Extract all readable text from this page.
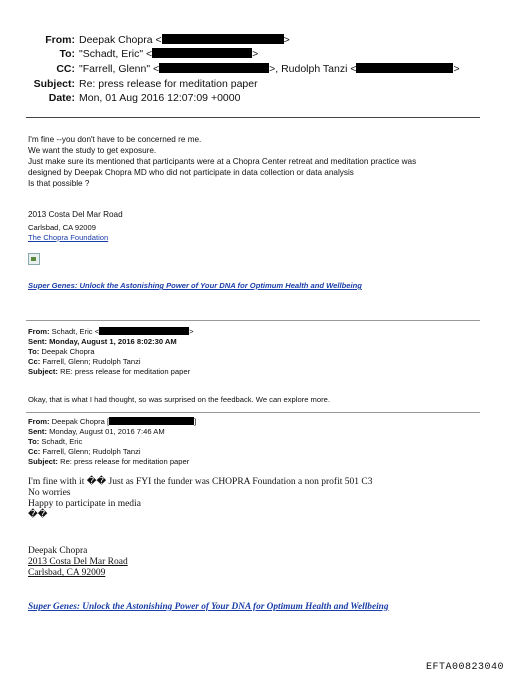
From: Deepak Chopra <	>
To: "Schadt, Eric" <	>
CC: "Farrell, Glenn" <	>, Rudolph Tanzi <	>
Subject: Re: press release for meditation paper
Date: Mon, 01 Aug 2016 12:07:09 +0000
I'm fine --you don't have to be concerned re me.
We want the study to get exposure.
Just make sure its mentioned that participants were at a Chopra Center retreat and meditation practice was
designed by Deepak Chopra MD who did not participate in data collection or data analysis
Is that possible ?
2013 Costa Del Mar Road
Carlsbad, CA 92009
The Chopra Foundation
Super Genes: Unlock the Astonishing Power of Your DNA for Optimum Health and Wellbeing
From: Schadt, Eric <	>
Sent: Monday, August 1, 2016 8:02:30 AM
To: Deepak Chopra
Cc: Farrell, Glenn; Rudolph Tanzi
Subject: RE: press release for meditation paper
Okay, that is what I had thought, so was surprised on the feedback. We can explore more.
From: Deepak Chopra [	]
Sent: Monday, August 01, 2016 7:46 AM
To: Schadt, Eric
Cc: Farrell, Glenn; Rudolph Tanzi
Subject: Re: press release for meditation paper
I'm fine with it �� Just as FYI the funder was CHOPRA Foundation a non profit 501 C3
No worries
Happy to participate in media
��
Deepak Chopra
2013 Costa Del Mar Road
Carlsbad, CA 92009
Super Genes: Unlock the Astonishing Power of Your DNA for Optimum Health and Wellbeing
EFTA00823040
